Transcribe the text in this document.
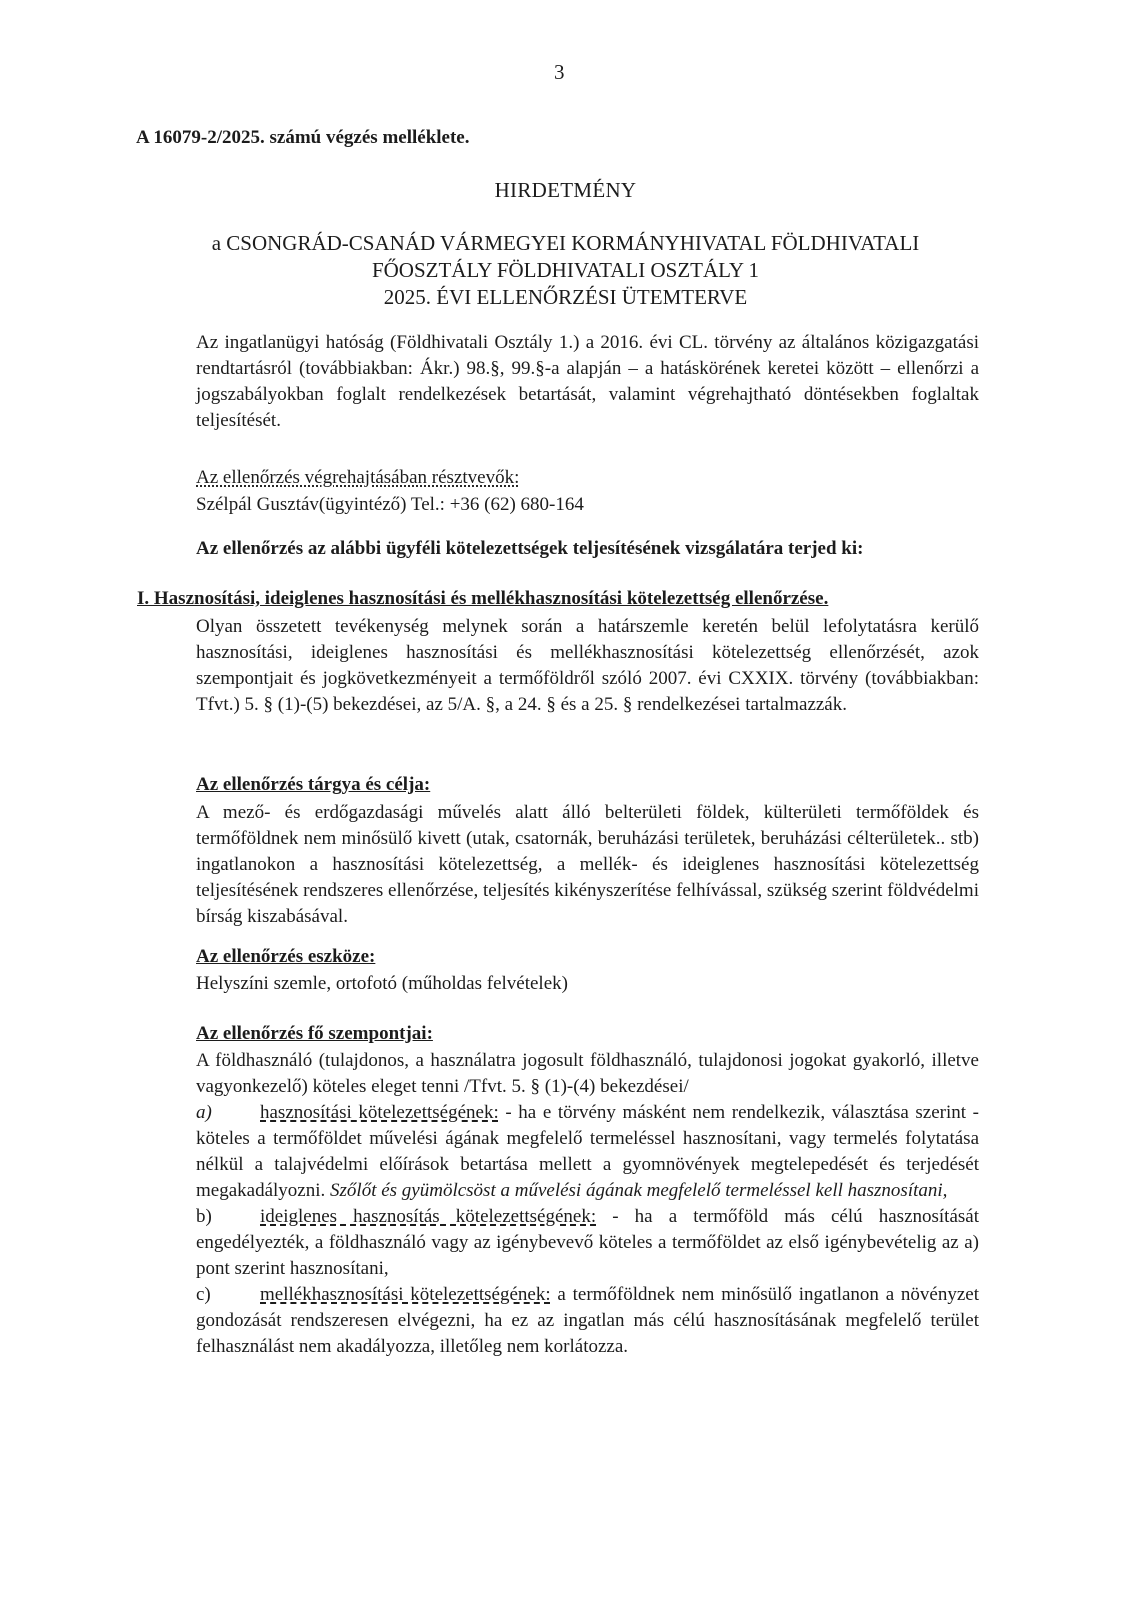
3
A 16079-2/2025. számú végzés melléklete.
HIRDETMÉNY
a CSONGRÁD-CSANÁD VÁRMEGYEI KORMÁNYHIVATAL FÖLDHIVATALI
FŐOSZTÁLY FÖLDHIVATALI OSZTÁLY 1
2025. ÉVI ELLENŐRZÉSI ÜTEMTERVE
Az ingatlanügyi hatóság (Földhivatali Osztály 1.) a 2016. évi CL. törvény az általános közigazgatási rendtartásról (továbbiakban: Ákr.) 98.§, 99.§-a alapján – a hatáskörének keretei között – ellenőrzi a jogszabályokban foglalt rendelkezések betartását, valamint végrehajtható döntésekben foglaltak teljesítését.
Az ellenőrzés végrehajtásában résztvevők:
Szélpál Gusztáv(ügyintéző) Tel.: +36 (62) 680-164
Az ellenőrzés az alábbi ügyféli kötelezettségek teljesítésének vizsgálatára terjed ki:
I. Hasznosítási, ideiglenes hasznosítási és mellékhasznosítási kötelezettség ellenőrzése.
Olyan összetett tevékenység melynek során a határszemle keretén belül lefolytatásra kerülő hasznosítási, ideiglenes hasznosítási és mellékhasznosítási kötelezettség ellenőrzését, azok szempontjait és jogkövetkezményeit a termőföldről szóló 2007. évi CXXIX. törvény (továbbiakban: Tfvt.) 5. § (1)-(5) bekezdései, az 5/A. §, a 24. § és a 25. § rendelkezései tartalmazzák.
Az ellenőrzés tárgya és célja:
A mező- és erdőgazdasági művelés alatt álló belterületi földek, külterületi termőföldek és termőföldnek nem minősülő kivett (utak, csatornák, beruházási területek, beruházási célterületek.. stb) ingatlanokon a hasznosítási kötelezettség, a mellék- és ideiglenes hasznosítási kötelezettség teljesítésének rendszeres ellenőrzése, teljesítés kikényszerítése felhívással, szükség szerint földvédelmi bírság kiszabásával.
Az ellenőrzés eszköze:
Helyszíni szemle, ortofotó (műholdas felvételek)
Az ellenőrzés fő szempontjai:
A földhasználó (tulajdonos, a használatra jogosult földhasználó, tulajdonosi jogokat gyakorló, illetve vagyonkezelő) köteles eleget tenni /Tfvt. 5. § (1)-(4) bekezdései/

a)	hasznosítási kötelezettségének: - ha e törvény másként nem rendelkezik, választása szerint - köteles a termőföldet művelési ágának megfelelő termeléssel hasznosítani, vagy termelés folytatása nélkül a talajvédelmi előírások betartása mellett a gyomnövények megtelepedését és terjedését megakadályozni. Szőlőt és gyümölcsöst a művelési ágának megfelelő termeléssel kell hasznosítani,

b)	ideiglenes hasznosítás kötelezettségének: - ha a termőföld más célú hasznosítását engedélyezték, a földhasználó vagy az igénybevevő köteles a termőföldet az első igénybevételig az a) pont szerint hasznosítani,

c)	mellékhasznosítási kötelezettségének: a termőföldnek nem minősülő ingatlanon a növényzet gondozását rendszeresen elvégezni, ha ez az ingatlan más célú hasznosításának megfelelő terület felhasználást nem akadályozza, illetőleg nem korlátozza.
